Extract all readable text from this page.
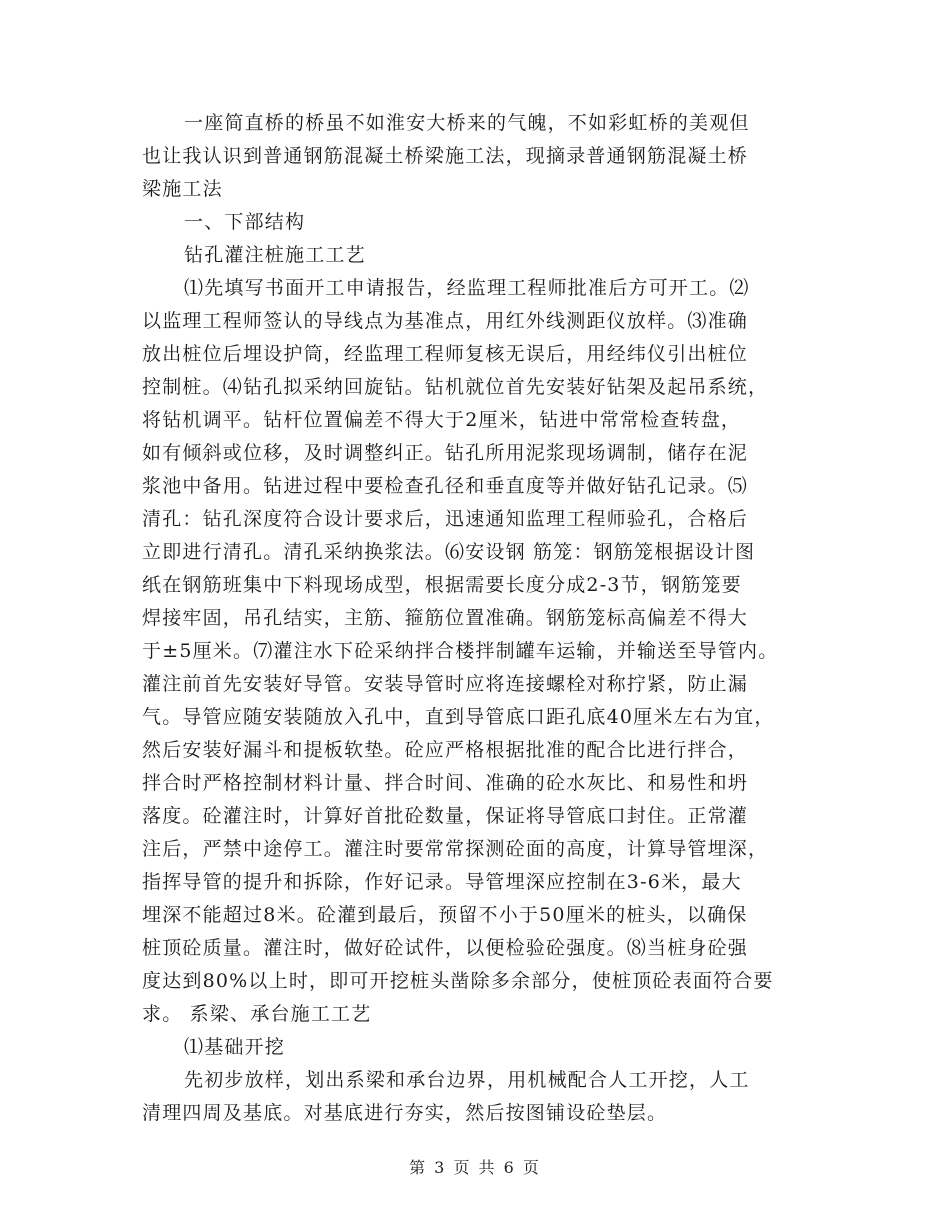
一座简直桥的桥虽不如淮安大桥来的气魄，不如彩虹桥的美观但
也让我认识到普通钢筋混凝土桥梁施工法，现摘录普通钢筋混凝土桥
梁施工法
一、下部结构
钻孔灌注桩施工工艺
⑴先填写书面开工申请报告，经监理工程师批准后方可开工。⑵
以监理工程师签认的导线点为基准点，用红外线测距仪放样。⑶准确
放出桩位后埋设护筒，经监理工程师复核无误后，用经纬仪引出桩位
控制桩。⑷钻孔拟采纳回旋钻。钻机就位首先安装好钻架及起吊系统，
将钻机调平。钻杆位置偏差不得大于2厘米，钻进中常常检查转盘，
如有倾斜或位移，及时调整纠正。钻孔所用泥浆现场调制，储存在泥
浆池中备用。钻进过程中要检查孔径和垂直度等并做好钻孔记录。⑸
清孔：钻孔深度符合设计要求后，迅速通知监理工程师验孔，合格后
立即进行清孔。清孔采纳换浆法。⑹安设钢 筋笼：钢筋笼根据设计图
纸在钢筋班集中下料现场成型，根据需要长度分成2-3节，钢筋笼要
焊接牢固，吊孔结实，主筋、箍筋位置准确。钢筋笼标高偏差不得大
于±5厘米。⑺灌注水下砼采纳拌合楼拌制罐车运输，并输送至导管内。
灌注前首先安装好导管。安装导管时应将连接螺栓对称拧紧，防止漏
气。导管应随安装随放入孔中，直到导管底口距孔底40厘米左右为宜，
然后安装好漏斗和提板软垫。砼应严格根据批准的配合比进行拌合，
拌合时严格控制材料计量、拌合时间、准确的砼水灰比、和易性和坍
落度。砼灌注时，计算好首批砼数量，保证将导管底口封住。正常灌
注后，严禁中途停工。灌注时要常常探测砼面的高度，计算导管埋深，
指挥导管的提升和拆除，作好记录。导管埋深应控制在3-6米，最大
埋深不能超过8米。砼灌到最后，预留不小于50厘米的桩头，以确保
桩顶砼质量。灌注时，做好砼试件，以便检验砼强度。⑻当桩身砼强
度达到80%以上时，即可开挖桩头凿除多余部分，使桩顶砼表面符合要
求。 系梁、承台施工工艺
⑴基础开挖
先初步放样，划出系梁和承台边界，用机械配合人工开挖，人工
清理四周及基底。对基底进行夯实，然后按图铺设砼垫层。
第 3 页 共 6 页
